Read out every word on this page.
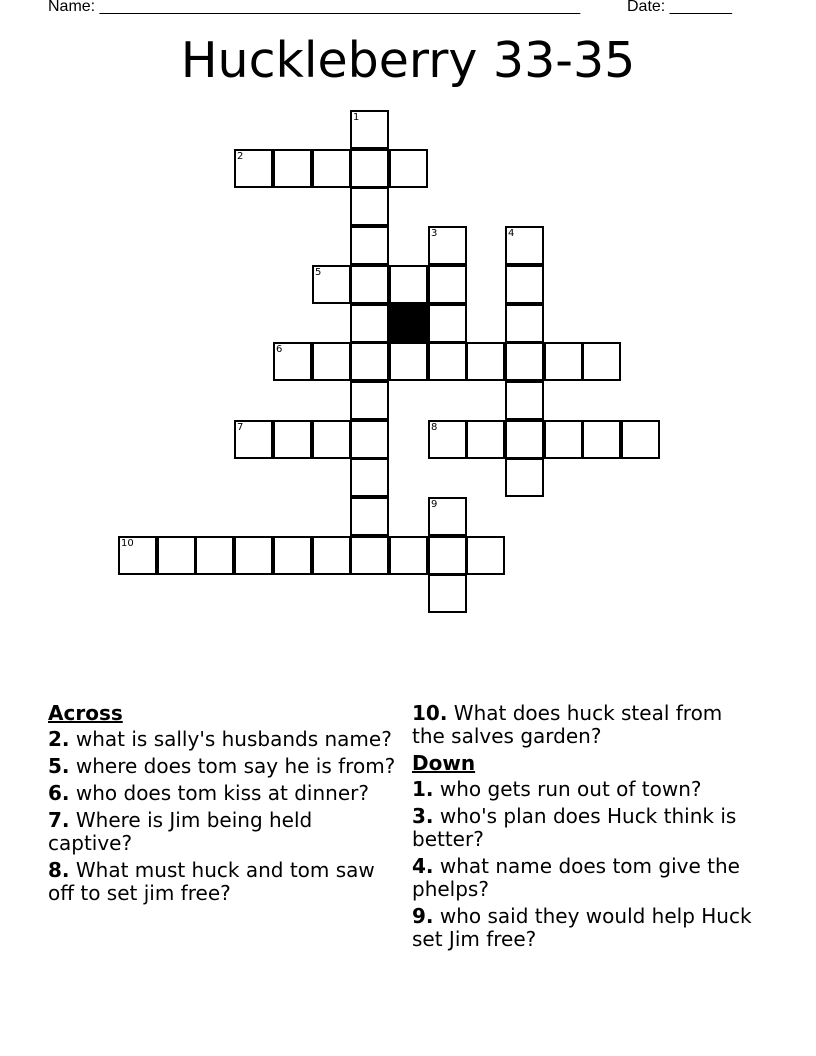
Name: ______________________________________________________	Date: _______
Huckleberry 33-35
1
2
3	4
5
6
7	8
9
10
Across
2. what is sally's husbands name?
5. where does tom say he is from?
6. who does tom kiss at dinner?
7. Where is Jim being held captive?
8. What must huck and tom saw off to set jim free?
10. What does huck steal from the salves garden?
Down
1. who gets run out of town?
3. who's plan does Huck think is better?
4. what name does tom give the phelps?
9. who said they would help Huck set Jim free?
